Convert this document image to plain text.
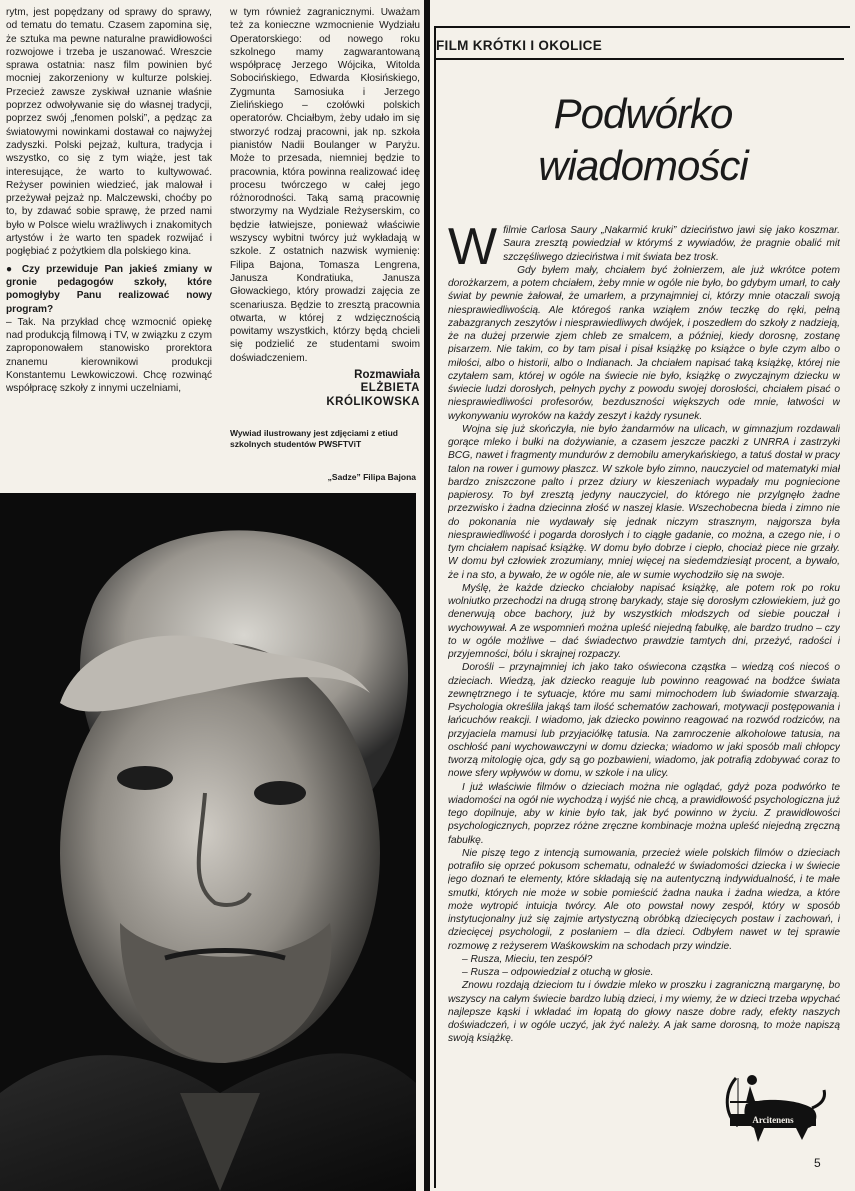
rytm, jest popędzany od sprawy do sprawy, od tematu do tematu. Czasem zapomina się, że sztuka ma pewne naturalne prawidłowości rozwojowe i trzeba je uszanować. Wreszcie sprawa ostatnia: nasz film powinien być mocniej zakorzeniony w kulturze polskiej. Przecież zawsze zyskiwał uznanie właśnie poprzez odwoływanie się do własnej tradycji, poprzez swój „fenomen polski”, a pędząc za światowymi nowinkami dostawał co najwyżej zadyszki. Polski pejzaż, kultura, tradycja i wszystko, co się z tym wiąże, jest tak interesujące, że warto to kultywować. Reżyser powinien wiedzieć, jak malował i przeżywał pejzaż np. Malczewski, choćby po to, by zdawać sobie sprawę, że przed nami było w Polsce wielu wrażliwych i znakomitych artystów i że warto ten spadek rozwijać i pogłębiać z pożytkiem dla polskiego kina.

● Czy przewiduje Pan jakieś zmiany w gronie pedagogów szkoły, które pomogłyby Panu realizować nowy program?

– Tak. Na przykład chcę wzmocnić opiekę nad produkcją filmową i TV, w związku z czym zaproponowałem stanowisko prorektora znanemu kierownikowi produkcji Konstantemu Lewkowiczowi. Chcę rozwinąć współpracę szkoły z innymi uczelniami,

w tym również zagranicznymi. Uważam też za konieczne wzmocnienie Wydziału Operatorskiego: od nowego roku szkolnego mamy zagwarantowaną współpracę Jerzego Wójcika, Witolda Sobocińskiego, Edwarda Kłosińskiego, Zygmunta Samosiuka i Jerzego Zielińskiego – czołówki polskich operatorów. Chciałbym, żeby udało im się stworzyć rodzaj pracowni, jak np. szkoła pianistów Nadii Boulanger w Paryżu. Może to przesada, niemniej będzie to pracownia, która powinna realizować ideę procesu twórczego w całej jego różnorodności. Taką samą pracownię stworzymy na Wydziale Reżyserskim, co będzie łatwiejsze, ponieważ właściwie wszyscy wybitni twórcy już wykładają w szkole. Z ostatnich nazwisk wymienię: Filipa Bajona, Tomasza Lengrena, Janusza Kondratiuka, Janusza Głowackiego, który prowadzi zajęcia ze scenariusza. Będzie to zresztą pracownia otwarta, w której z wdzięcznością powitamy wszystkich, którzy będą chcieli się podzielić ze studentami swoim doświadczeniem.

Rozmawiała

ELŻBIETA

KRÓLIKOWSKA

Wywiad ilustrowany jest zdjęciami z etiud szkolnych studentów PWSFTViT
„Sadze” Filipa Bajona
FILM KRÓTKI I OKOLICE
Podwórko
wiadomości

Wfilmie Carlosa Saury „Nakarmić kruki” dzieciństwo jawi się jako koszmar. Saura zresztą powiedział w którymś z wywiadów, że pragnie obalić mit szczęśliwego dzieciństwa i mit świata bez trosk.

Gdy byłem mały, chciałem być żołnierzem, ale już wkrótce potem dorożkarzem, a potem chciałem, żeby mnie w ogóle nie było, bo gdybym umarł, to cały świat by pewnie żałował, że umarłem, a przynajmniej ci, którzy mnie otaczali swoją niesprawiedliwością. Ale któregoś ranka wziąłem znów teczkę do ręki, pełną zabazgranych zeszytów i niesprawiedliwych dwójek, i poszedłem do szkoły z nadzieją, że na dużej przerwie zjem chleb ze smalcem, a później, kiedy dorosnę, zostanę pisarzem. Nie takim, co by tam pisał i pisał książkę po książce o byle czym albo o miłości, albo o historii, albo o Indianach. Ja chciałem napisać taką książkę, której nie czytałem sam, której w ogóle na świecie nie było, książkę o zwyczajnym dziecku w świecie ludzi dorosłych, pełnych pychy z powodu swojej dorosłości, chciałem pisać o niesprawiedliwości profesorów, bezduszności większych ode mnie, łatwości w wykonywaniu wyroków na każdy zeszyt i każdy rysunek.

Wojna się już skończyła, nie było żandarmów na ulicach, w gimnazjum rozdawali gorące mleko i bułki na dożywianie, a czasem jeszcze paczki z UNRRA i zastrzyki BCG, nawet i fragmenty mundurów z demobilu amerykańskiego, a tatuś dostał w pracy talon na rower i gumowy płaszcz. W szkole było zimno, nauczyciel od matematyki miał bardzo zniszczone palto i przez dziury w kieszeniach wypadały mu pogniecione papierosy. To był zresztą jedyny nauczyciel, do którego nie przylgnęło żadne przezwisko i żadna dziecinna złość w naszej klasie. Wszechobecna bieda i zimno nie do pokonania nie wydawały się jednak niczym strasznym, najgorsza była niesprawiedliwość i pogarda dorosłych i to ciągłe gadanie, co można, a czego nie, i o tym chciałem napisać książkę. W domu było dobrze i ciepło, chociaż piece nie grzały. W domu był człowiek zrozumiany, mniej więcej na siedemdziesiąt procent, a bywało, że i na sto, a bywało, że w ogóle nie, ale w sumie wychodziło się na swoje.

Myślę, że każde dziecko chciałoby napisać książkę, ale potem rok po roku wolniutko przechodzi na drugą stronę barykady, staje się dorosłym człowiekiem, już go denerwują obce bachory, już by wszystkich młodszych od siebie pouczał i wychowywał. A ze wspomnień można upleść niejedną fabułkę, ale bardzo trudno – czy to w ogóle możliwe – dać świadectwo prawdzie tamtych dni, przeżyć, radości i przyjemności, bólu i skrajnej rozpaczy.

Dorośli – przynajmniej ich jako tako oświecona cząstka – wiedzą coś niecoś o dzieciach. Wiedzą, jak dziecko reaguje lub powinno reagować na bodźce świata zewnętrznego i te sytuacje, które mu sami mimochodem lub świadomie stwarzają. Psychologia określiła jakąś tam ilość schematów zachowań, motywacji postępowania i łańcuchów reakcji. I wiadomo, jak dziecko powinno reagować na rozwód rodziców, na przyjaciela mamusi lub przyjaciółkę tatusia. Na zamroczenie alkoholowe tatusia, na oschłość pani wychowawczyni w domu dziecka; wiadomo w jaki sposób mali chłopcy tworzą mitologię ojca, gdy są go pozbawieni, wiadomo, jak potrafią zdobywać coraz to nowe sfery wpływów w domu, w szkole i na ulicy.

I już właściwie filmów o dzieciach można nie oglądać, gdyż poza podwórko te wiadomości na ogół nie wychodzą i wyjść nie chcą, a prawidłowość psychologiczna już tego dopilnuje, aby w kinie było tak, jak być powinno w życiu. Z prawidłowości psychologicznych, poprzez różne zręczne kombinacje można upleść niejedną zręczną fabułkę.

Nie piszę tego z intencją sumowania, przecież wiele polskich filmów o dzieciach potrafiło się oprzeć pokusom schematu, odnaleźć w świadomości dziecka i w świecie jego doznań te elementy, które składają się na autentyczną indywidualność, i te małe smutki, których nie może w sobie pomieścić żadna nauka i żadna wiedza, a które może wytropić intuicja twórcy. Ale oto powstał nowy zespół, który w sposób instytucjonalny już się zajmie artystyczną obróbką dziecięcych postaw i zachowań, i dziecięcej psychologii, z posłaniem – dla dzieci. Odbyłem nawet w tej sprawie rozmowę z reżyserem Waśkowskim na schodach przy windzie.

– Rusza, Mieciu, ten zespół?

– Rusza – odpowiedział z otuchą w głosie.

Znowu rozdają dzieciom tu i ówdzie mleko w proszku i zagraniczną margarynę, bo wszyscy na całym świecie bardzo lubią dzieci, i my wiemy, że w dzieci trzeba wpychać najlepsze kąski i wkładać im łopatą do głowy nasze dobre rady, efekty naszych doświadczeń, i w ogóle uczyć, jak żyć należy. A jak same dorosną, to może napiszą swoją książkę.

Arcitenens
5
